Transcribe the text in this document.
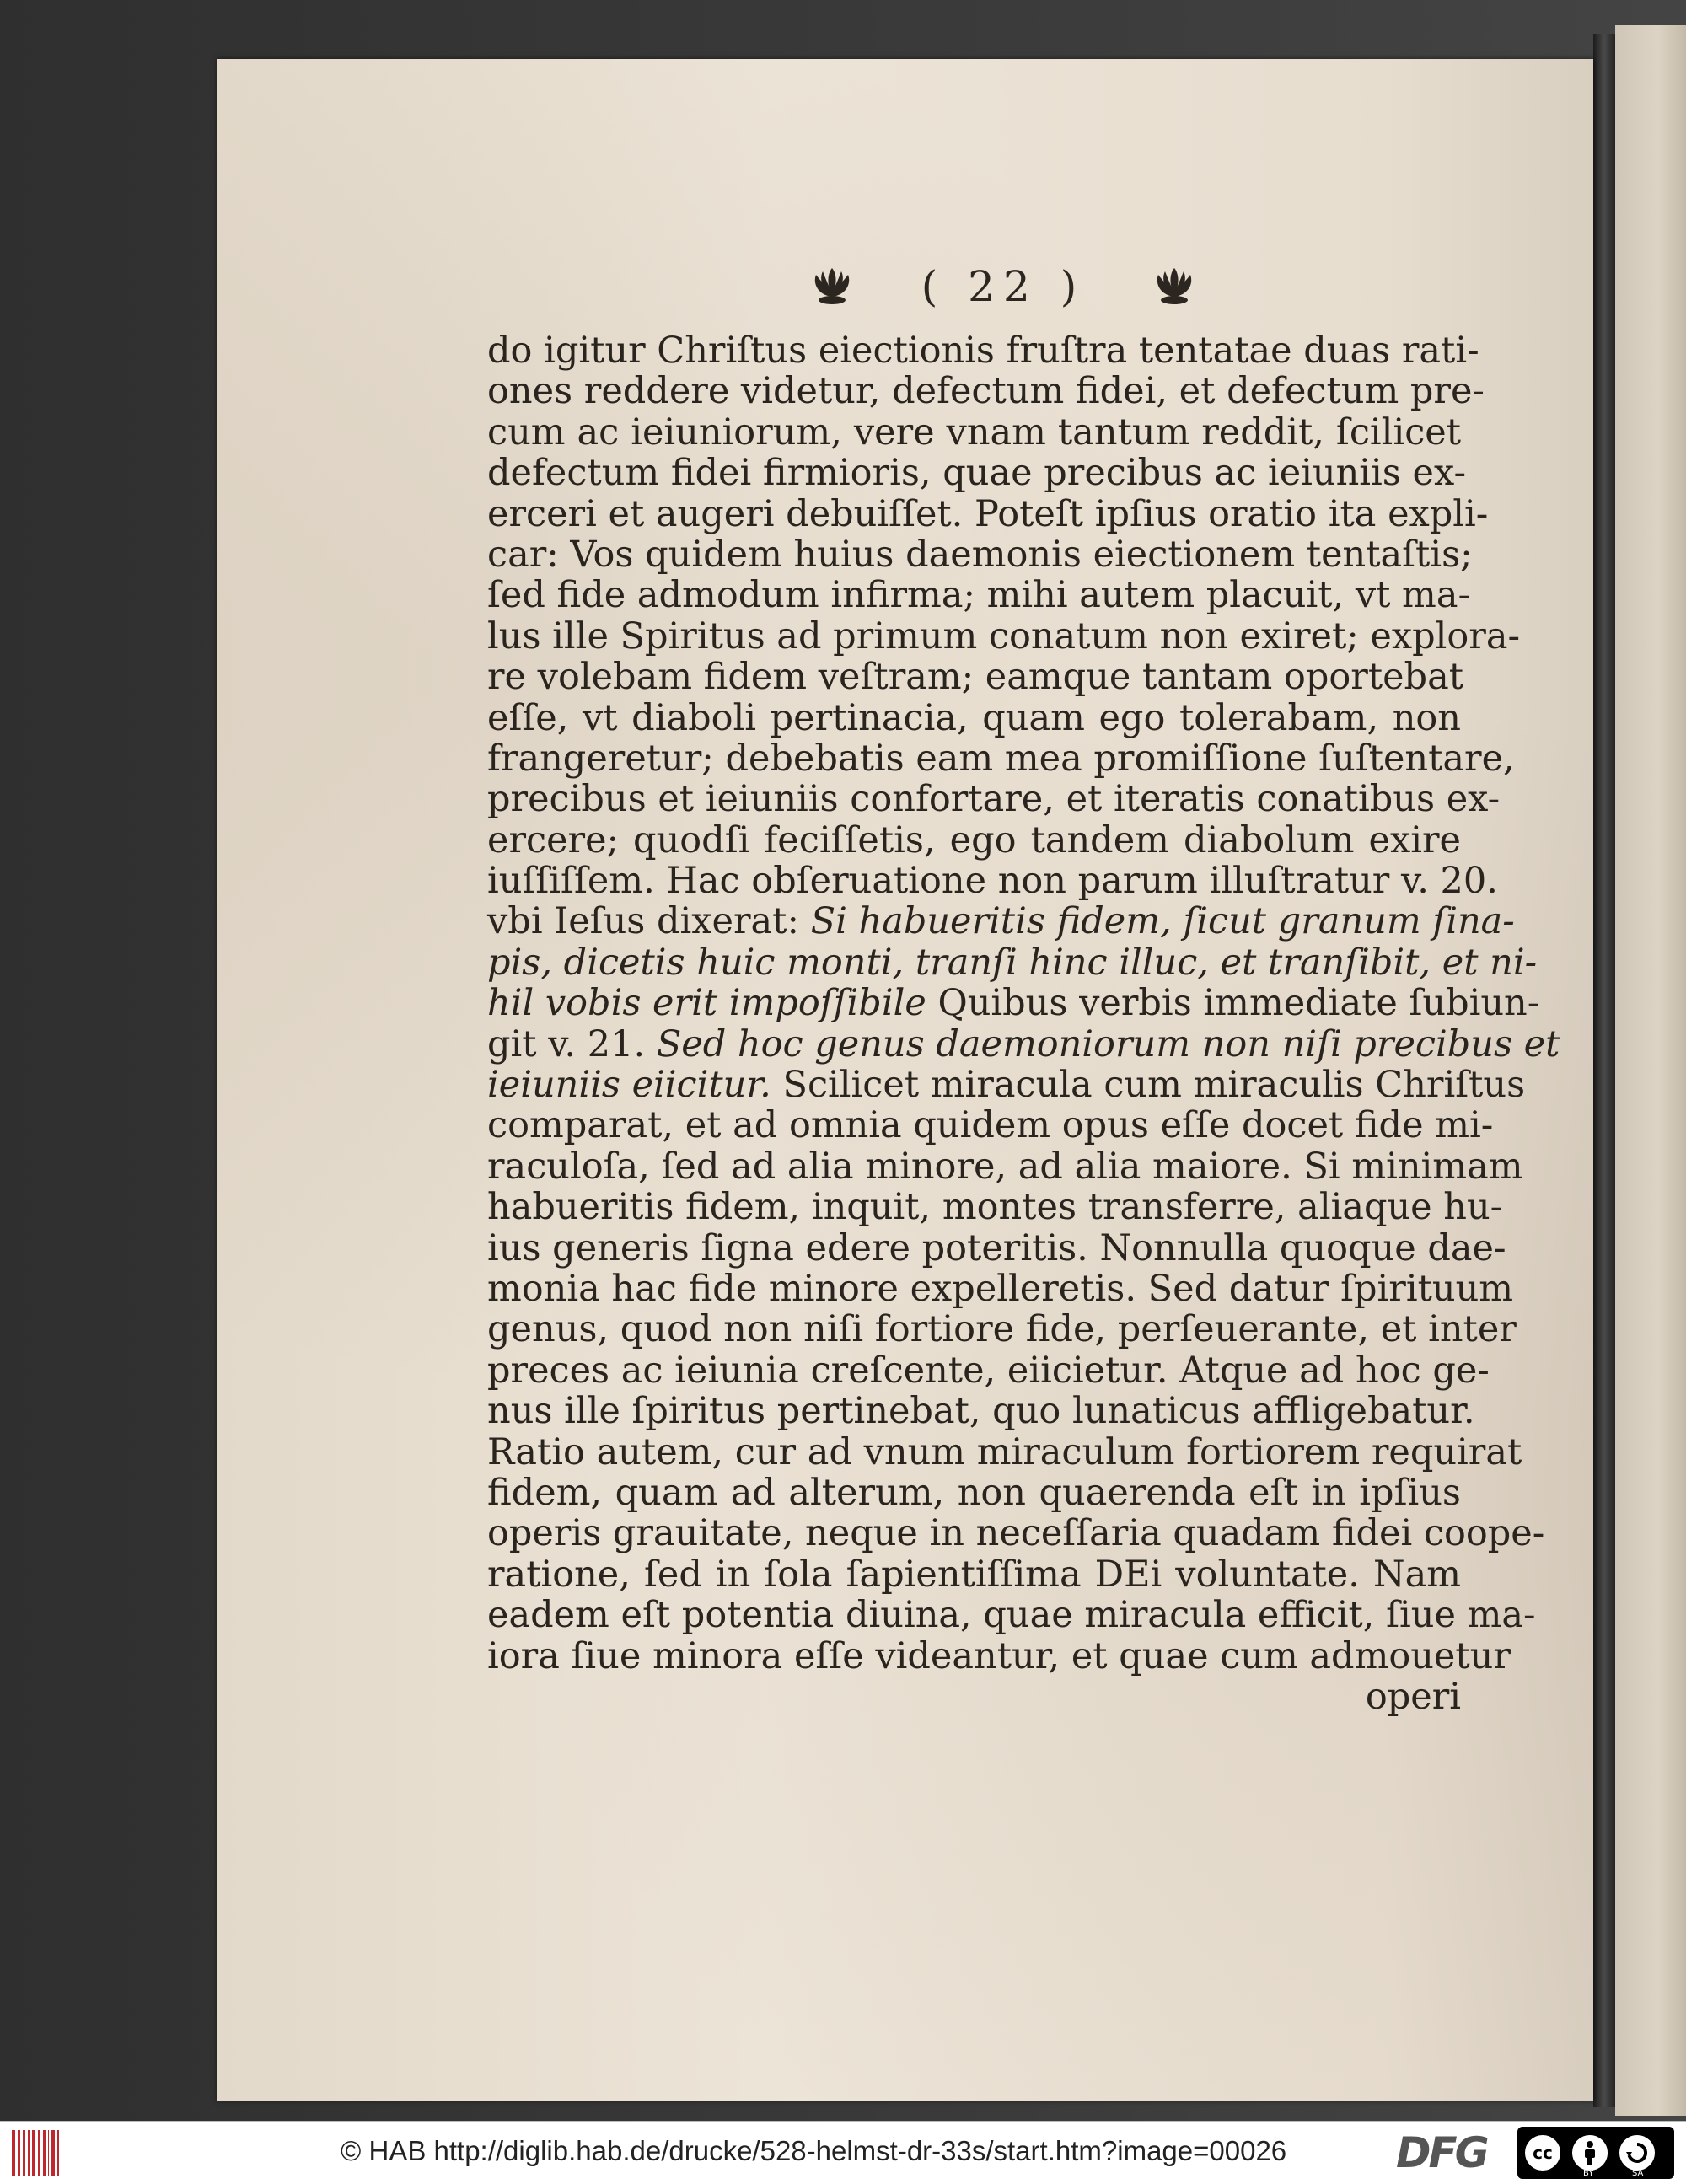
( 22 )
do igitur Chriſtus eiectionis fruſtra tentatae duas rati-
ones reddere videtur, defectum fidei, et defectum pre-
cum ac ieiuniorum, vere vnam tantum reddit, ſcilicet
defectum fidei firmioris, quae precibus ac ieiuniis ex-
erceri et augeri debuiſſet. Poteſt ipſius oratio ita expli-
car: Vos quidem huius daemonis eiectionem tentaſtis;
ſed fide admodum infirma; mihi autem placuit, vt ma-
lus ille Spiritus ad primum conatum non exiret; explora-
re volebam fidem veſtram; eamque tantam oportebat
eſſe, vt diaboli pertinacia, quam ego tolerabam, non
frangeretur; debebatis eam mea promiſſione ſuſtentare,
precibus et ieiuniis confortare, et iteratis conatibus ex-
ercere; quodſi feciſſetis, ego tandem diabolum exire
iuſſiſſem. Hac obſeruatione non parum illuſtratur v. 20.
vbi Ieſus dixerat: Si habueritis fidem, ſicut granum ſina-
pis, dicetis huic monti, tranſi hinc illuc, et tranſibit, et ni-
hil vobis erit impoſſibile Quibus verbis immediate ſubiun-
git v. 21. Sed hoc genus daemoniorum non niſi precibus et
ieiuniis eiicitur. Scilicet miracula cum miraculis Chriſtus
comparat, et ad omnia quidem opus eſſe docet fide mi-
raculoſa, ſed ad alia minore, ad alia maiore. Si minimam
habueritis fidem, inquit, montes transferre, aliaque hu-
ius generis ſigna edere poteritis. Nonnulla quoque dae-
monia hac fide minore expelleretis. Sed datur ſpirituum
genus, quod non niſi fortiore fide, perſeuerante, et inter
preces ac ieiunia creſcente, eiicietur. Atque ad hoc ge-
nus ille ſpiritus pertinebat, quo lunaticus affligebatur.
Ratio autem, cur ad vnum miraculum fortiorem requirat
fidem, quam ad alterum, non quaerenda eſt in ipſius
operis grauitate, neque in neceſſaria quadam fidei coope-
ratione, ſed in ſola ſapientiſſima DEi voluntate. Nam
eadem eſt potentia diuina, quae miracula efficit, ſiue ma-
iora ſiue minora eſſe videantur, et quae cum admouetur
operi
© HAB http://diglib.hab.de/drucke/528-helmst-dr-33s/start.htm?image=00026	DFG	cc
BY	SA
